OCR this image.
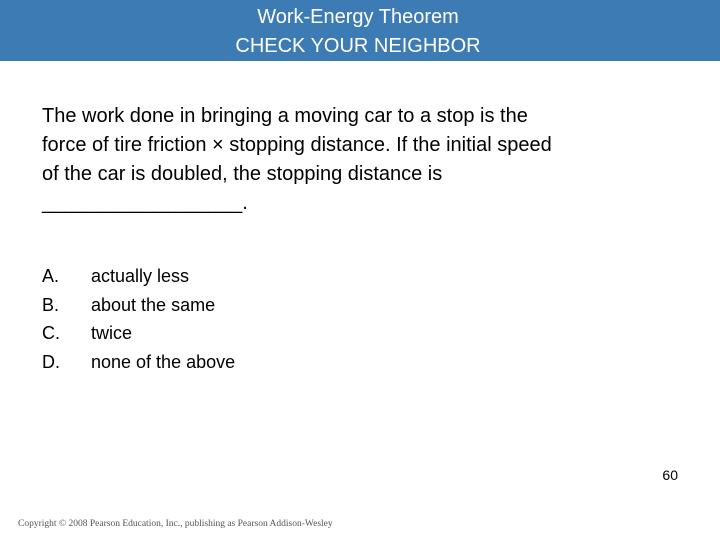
Work-Energy Theorem
CHECK YOUR NEIGHBOR

The work done in bringing a moving car to a stop is the
force of tire friction × stopping distance. If the initial speed
of the car is doubled, the stopping distance is
__________________.

A. actually less
B. about the same
C. twice
D. none of the above
60
Copyright © 2008 Pearson Education, Inc., publishing as Pearson Addison-Wesley
